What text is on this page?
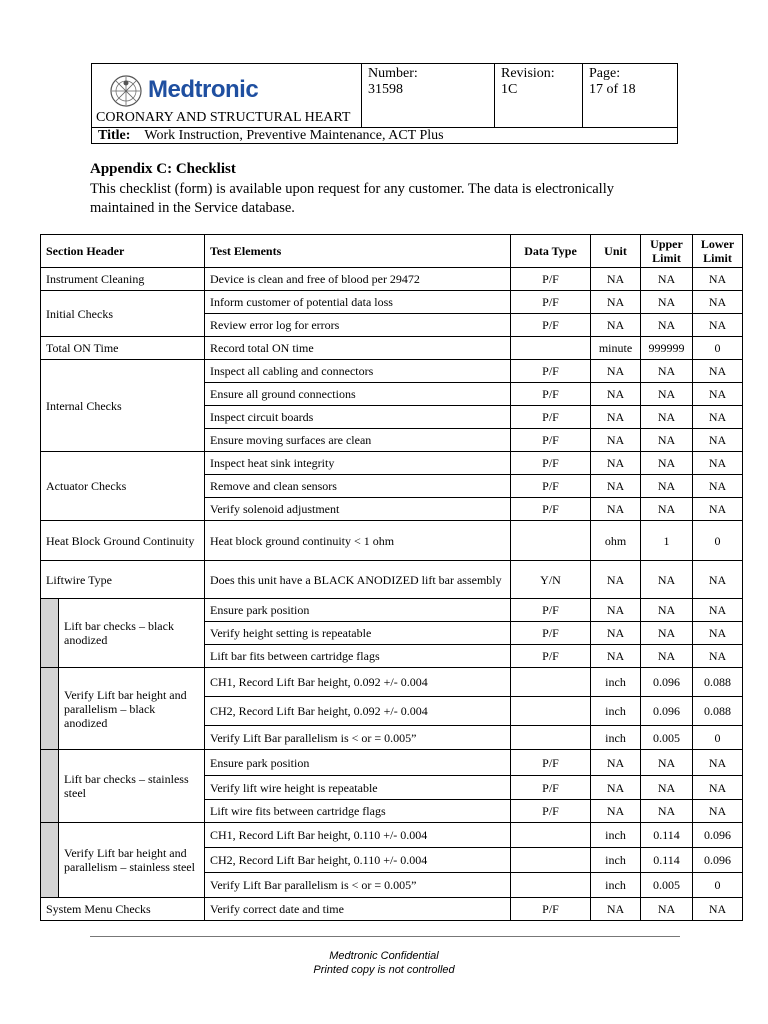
Medtronic
CORONARY AND STRUCTURAL HEART
Number:
31598
Revision:
1C
Page:
17 of 18
Title: Work Instruction, Preventive Maintenance, ACT Plus
Appendix C: Checklist
This checklist (form) is available upon request for any customer. The data is electronically maintained in the Service database.
Section Header		Test Elements	Data Type	Unit	Upper Limit	Lower Limit
Instrument Cleaning		Device is clean and free of blood per 29472	P/F	NA	NA	NA
Initial Checks		Inform customer of potential data loss	P/F	NA	NA	NA
		Review error log for errors	P/F	NA	NA	NA
Total ON Time		Record total ON time		minute	999999	0
Internal Checks		Inspect all cabling and connectors	P/F	NA	NA	NA
		Ensure all ground connections	P/F	NA	NA	NA
		Inspect circuit boards	P/F	NA	NA	NA
		Ensure moving surfaces are clean	P/F	NA	NA	NA
Actuator Checks		Inspect heat sink integrity	P/F	NA	NA	NA
		Remove and clean sensors	P/F	NA	NA	NA
		Verify solenoid adjustment	P/F	NA	NA	NA
Heat Block Ground Continuity		Heat block ground continuity < 1 ohm		ohm	1	0
Liftwire Type		Does this unit have a BLACK ANODIZED lift bar assembly	Y/N	NA	NA	NA
	Lift bar checks – black anodized	Ensure park position	P/F	NA	NA	NA
		Verify height setting is repeatable	P/F	NA	NA	NA
		Lift bar fits between cartridge flags	P/F	NA	NA	NA
	Verify Lift bar height and parallelism – black anodized	CH1, Record Lift Bar height, 0.092 +/- 0.004		inch	0.096	0.088
		CH2, Record Lift Bar height, 0.092 +/- 0.004		inch	0.096	0.088
		Verify Lift Bar parallelism is < or = 0.005”		inch	0.005	0
	Lift bar checks – stainless steel	Ensure park position	P/F	NA	NA	NA
		Verify lift wire height is repeatable	P/F	NA	NA	NA
		Lift wire fits between cartridge flags	P/F	NA	NA	NA
	Verify Lift bar height and parallelism – stainless steel	CH1, Record Lift Bar height, 0.110 +/- 0.004		inch	0.114	0.096
		CH2, Record Lift Bar height, 0.110 +/- 0.004		inch	0.114	0.096
		Verify Lift Bar parallelism is < or = 0.005”		inch	0.005	0
System Menu Checks		Verify correct date and time	P/F	NA	NA	NA
Medtronic Confidential
Printed copy is not controlled
